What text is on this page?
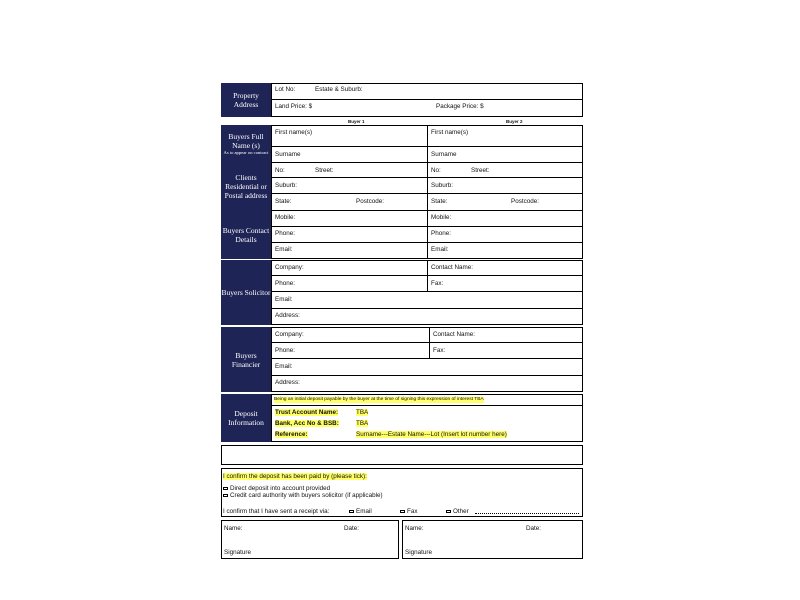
Property Address
Lot No:	Estate & Suburb:
Land Price: $	Package Price: $
Buyer 1	Buyer 2
Buyers Full Name (s)
As to appear on contract
First name(s)	First name(s)
Surname	Surname
Clients Residential or Postal address
No:	Street:	No:	Street:
Suburb:	Suburb:
State:	Postcode:	State:	Postcode:
Buyers Contact Details
Mobile:	Mobile:
Phone:	Phone:
Email:	Email:
Buyers Solicitor
Company:	Contact Name:
Phone:	Fax:
Email:
Address:
Buyers Financier
Company:	Contact Name:
Phone:	Fax:
Email:
Address:
Deposit Information
Being an initial deposit payable by the buyer at the time of signing this expression of interest TBA
Trust Account Name:	TBA
Bank, Acc No & BSB:	TBA
Reference:	Surname---Estate Name---Lot (Insert lot number here)
I confirm the deposit has been paid by (please tick):
Direct deposit into account provided
Credit card authority with buyers solicitor (if applicable)
I confirm that I have sent a receipt via:	Email	Fax	Other
Name:	Date:
Signature
Name:	Date:
Signature
